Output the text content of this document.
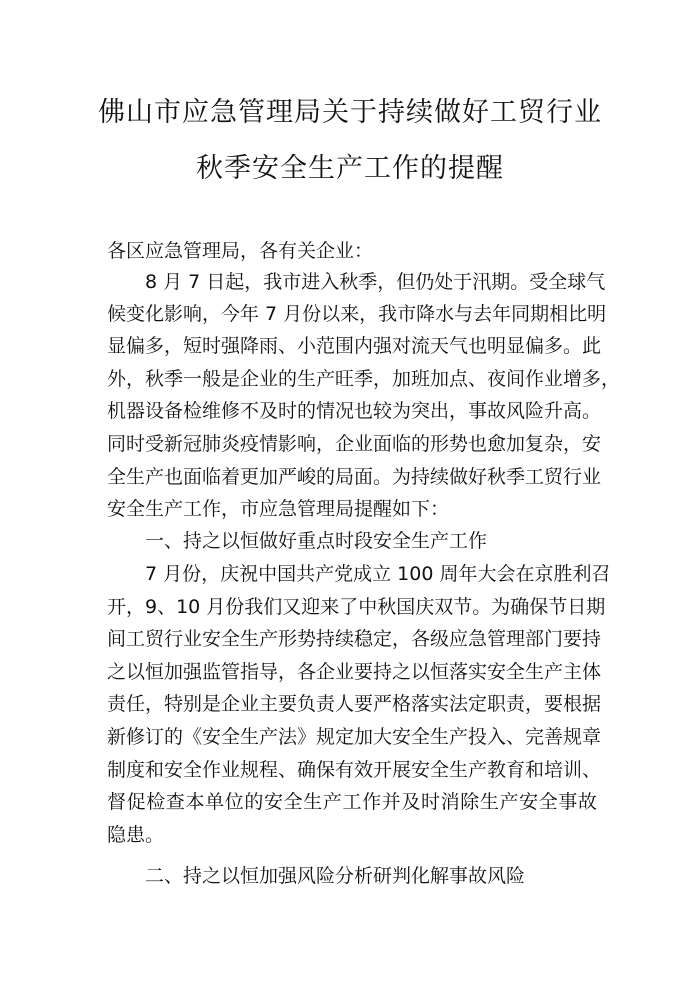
佛山市应急管理局关于持续做好工贸行业
秋季安全生产工作的提醒
各区应急管理局，各有关企业：
8 月 7 日起，我市进入秋季，但仍处于汛期。受全球气
候变化影响，今年 7 月份以来，我市降水与去年同期相比明
显偏多，短时强降雨、小范围内强对流天气也明显偏多。此
外，秋季一般是企业的生产旺季，加班加点、夜间作业增多，
机器设备检维修不及时的情况也较为突出，事故风险升高。
同时受新冠肺炎疫情影响，企业面临的形势也愈加复杂，安
全生产也面临着更加严峻的局面。为持续做好秋季工贸行业
安全生产工作，市应急管理局提醒如下：
一、持之以恒做好重点时段安全生产工作
7 月份，庆祝中国共产党成立 100 周年大会在京胜利召
开，9、10 月份我们又迎来了中秋国庆双节。为确保节日期
间工贸行业安全生产形势持续稳定，各级应急管理部门要持
之以恒加强监管指导，各企业要持之以恒落实安全生产主体
责任，特别是企业主要负责人要严格落实法定职责，要根据
新修订的《安全生产法》规定加大安全生产投入、完善规章
制度和安全作业规程、确保有效开展安全生产教育和培训、
督促检查本单位的安全生产工作并及时消除生产安全事故
隐患。
二、持之以恒加强风险分析研判化解事故风险
